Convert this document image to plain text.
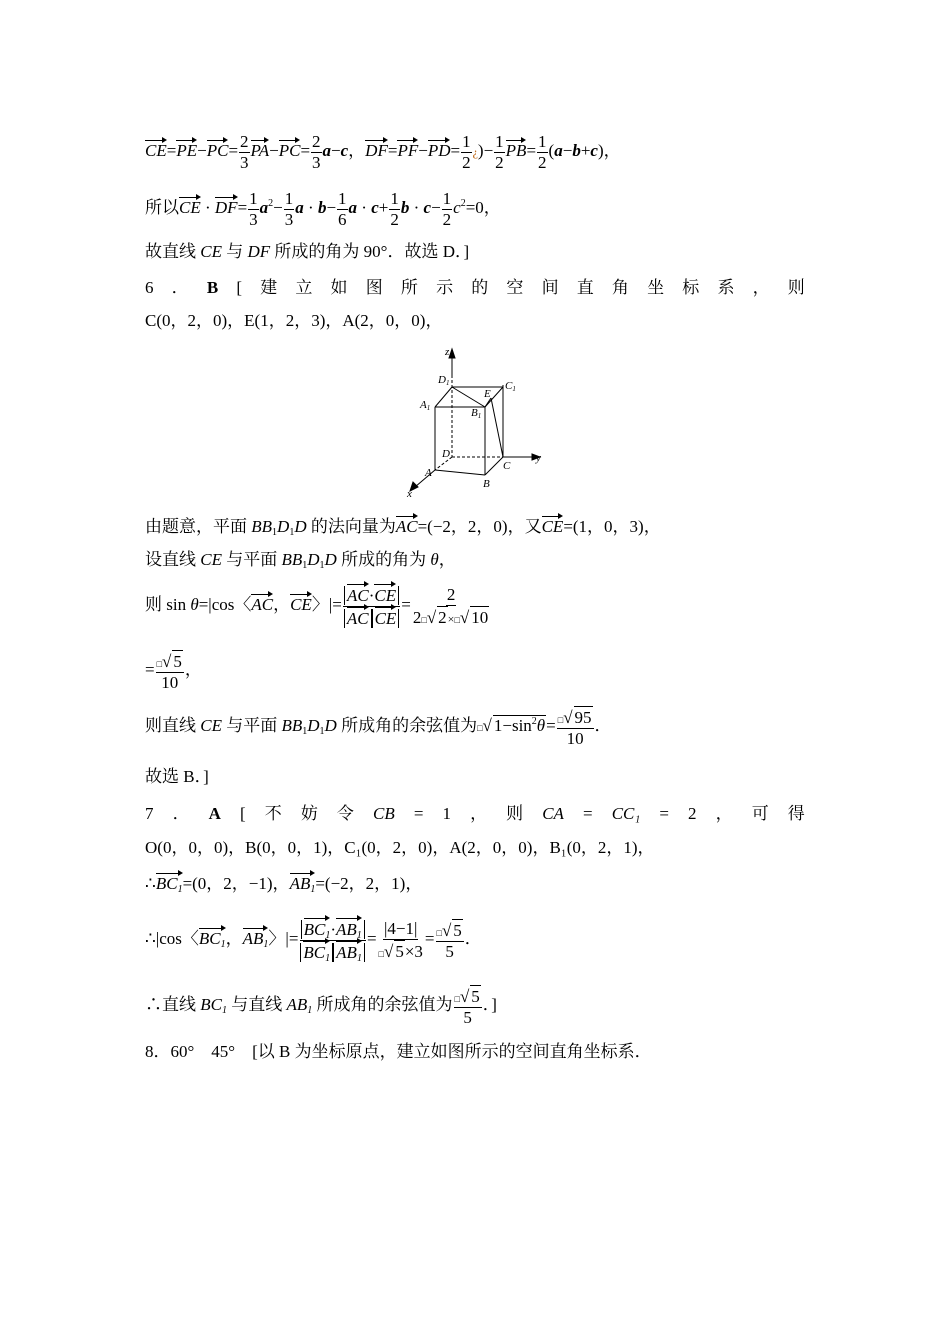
$CE=PE-PC= \frac{2}{3} PA-PC= \frac{2}{3} a-c$，$DF=PF-PD= \frac{1}{2}$ ¿)− $\frac{1}{2} PB= \frac{1}{2} (a-b+c)$，
所以CE · $DF= \frac{1}{3} a^2- \frac{1}{3}$ $a \cdot b- \frac{1}{6}$ $a \cdot c+ \frac{1}{2}$ $b \cdot c- \frac{1}{2} c^2=0$，
故直线 CE 与 DF 所成的角为 90°．故选 D．]
6 ． B [ 建 立 如 图 所 示 的 空 间 直 角 坐 标 系 ， 则
C(0，2，0)，E(1，2，3)，A(2，0，0)，
z
y
x
D1
A1	B1
C1
E
D
A
B
C
由题意，平面 $BB_1D_1D$ 的法向量为AC=(−2，2，0)，又CE=(1，0，3)，
设直线 CE 与平面 $BB_1D_1D$ 所成的角为 θ，
则 sin θ=|cos〈AC，CE〉|= $\frac{AC\cdot CE}{\text{AC CE}} = \frac{2}{2□√ 2\times□√ 10}$
= $\frac{□√ 5}{10}$ ，
则直线 CE 与平面 $BB_1D_1D$ 所成角的余弦值为□√ $1-\sin^2\theta= \frac{□√ 95}{10}$ ．
故选 B．]
7 ． A [ 不 妨 令 CB = 1 ， 则 CA = CC₁ = 2 ， 可 得
O(0，0，0)，B(0，0，1)，C₁(0，2，0)，A(2，0，0)，B₁(0，2，1)，
$\therefore BC_1=(0$，2，−1)，$AB_1=(-2$，2，1)，
∴|cos〈$BC_1$，$AB_1$〉|= $\frac{BC_1\cdot AB_1}{BC_1 AB_1} = \frac{|4-1|}{□√ 5\times 3} = \frac{□√ 5}{5}$ ．
∴直线 $BC_1$ 与直线 $AB_1$ 所成角的余弦值为 $\frac{□√ 5}{5}$ ．]
8．60°　45°　[以 B 为坐标原点，建立如图所示的空间直角坐标系．
